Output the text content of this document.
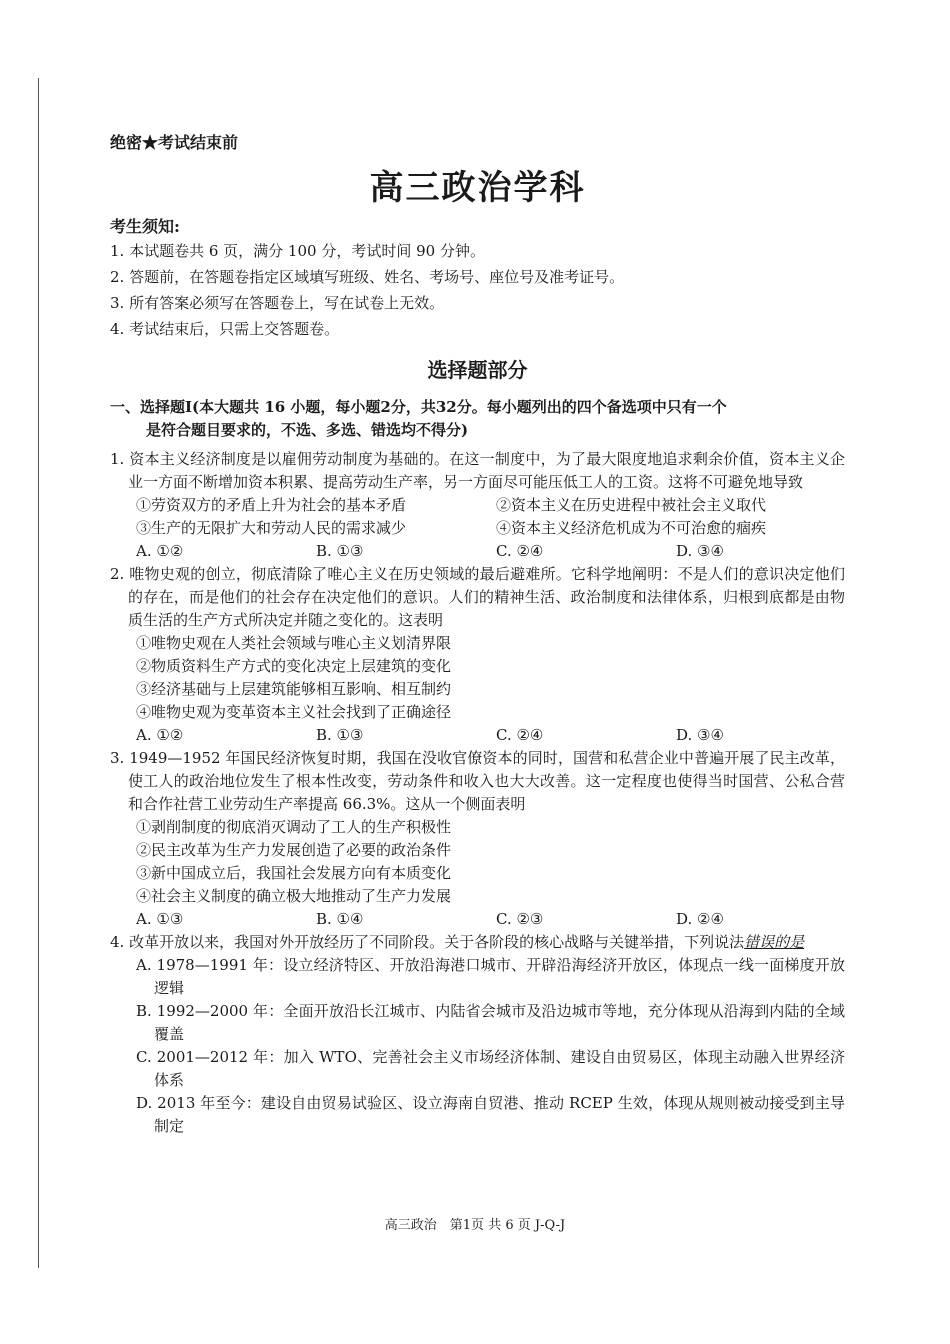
绝密★考试结束前
高三政治学科
考生须知:
1. 本试题卷共 6 页，满分 100 分，考试时间 90 分钟。
2. 答题前，在答题卷指定区域填写班级、姓名、考场号、座位号及准考证号。
3. 所有答案必须写在答题卷上，写在试卷上无效。
4. 考试结束后，只需上交答题卷。
选择题部分
一、选择题Ⅰ(本大题共 16 小题，每小题2分，共32分。每小题列出的四个备选项中只有一个
是符合题目要求的，不选、多选、错选均不得分)
1. 资本主义经济制度是以雇佣劳动制度为基础的。在这一制度中，为了最大限度地追求剩余价值，资本主义企业一方面不断增加资本积累、提高劳动生产率，另一方面尽可能压低工人的工资。这将不可避免地导致
①劳资双方的矛盾上升为社会的基本矛盾	②资本主义在历史进程中被社会主义取代
③生产的无限扩大和劳动人民的需求减少	④资本主义经济危机成为不可治愈的痼疾
A. ①②	B. ①③	C. ②④	D. ③④
2. 唯物史观的创立，彻底清除了唯心主义在历史领域的最后避难所。它科学地阐明：不是人们的意识决定他们的存在，而是他们的社会存在决定他们的意识。人们的精神生活、政治制度和法律体系，归根到底都是由物质生活的生产方式所决定并随之变化的。这表明
①唯物史观在人类社会领域与唯心主义划清界限
②物质资料生产方式的变化决定上层建筑的变化
③经济基础与上层建筑能够相互影响、相互制约
④唯物史观为变革资本主义社会找到了正确途径
A. ①②	B. ①③	C. ②④	D. ③④
3. 1949—1952 年国民经济恢复时期，我国在没收官僚资本的同时，国营和私营企业中普遍开展了民主改革，使工人的政治地位发生了根本性改变，劳动条件和收入也大大改善。这一定程度也使得当时国营、公私合营和合作社营工业劳动生产率提高 66.3%。这从一个侧面表明
①剥削制度的彻底消灭调动了工人的生产积极性
②民主改革为生产力发展创造了必要的政治条件
③新中国成立后，我国社会发展方向有本质变化
④社会主义制度的确立极大地推动了生产力发展
A. ①③	B. ①④	C. ②③	D. ②④
4. 改革开放以来，我国对外开放经历了不同阶段。关于各阶段的核心战略与关键举措，下列说法错误的是
A. 1978—1991 年：设立经济特区、开放沿海港口城市、开辟沿海经济开放区，体现点一线一面梯度开放逻辑
B. 1992—2000 年：全面开放沿长江城市、内陆省会城市及沿边城市等地，充分体现从沿海到内陆的全域覆盖
C. 2001—2012 年：加入 WTO、完善社会主义市场经济体制、建设自由贸易区，体现主动融入世界经济体系
D. 2013 年至今：建设自由贸易试验区、设立海南自贸港、推动 RCEP 生效，体现从规则被动接受到主导制定
高三政治　第1页 共 6 页 J-Q-J
